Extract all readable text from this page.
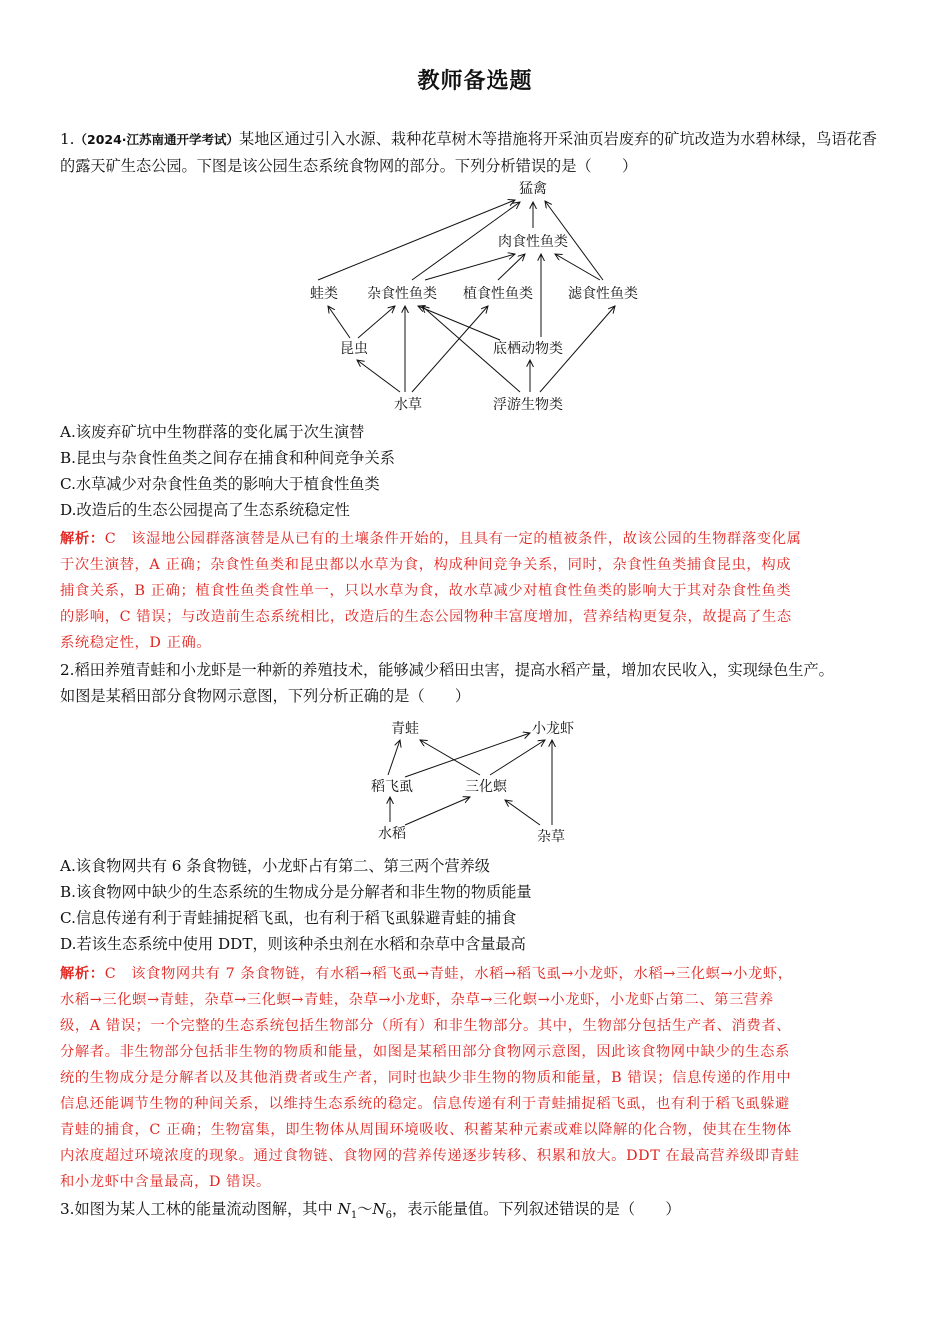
教师备选题

1.（2024·江苏南通开学考试）某地区通过引入水源、栽种花草树木等措施将开采油页岩废弃的矿坑改造为水碧林绿，鸟语花香的露天矿生态公园。下图是该公园生态系统食物网的部分。下列分析错误的是（　　）

猛禽
肉食性鱼类
蛙类 杂食性鱼类 植食性鱼类	滤食性鱼类
昆虫	底栖动物类
水草	浮游生物类
青蛙	小龙虾
稻飞虱	三化螟
水稻	杂草

A.该废弃矿坑中生物群落的变化属于次生演替

B.昆虫与杂食性鱼类之间存在捕食和种间竞争关系

C.水草减少对杂食性鱼类的影响大于植食性鱼类

D.改造后的生态公园提高了生态系统稳定性

解析：C　该湿地公园群落演替是从已有的土壤条件开始的，且具有一定的植被条件，故该公园的生物群落变化属
于次生演替，A 正确；杂食性鱼类和昆虫都以水草为食，构成种间竞争关系，同时，杂食性鱼类捕食昆虫，构成
捕食关系，B 正确；植食性鱼类食性单一，只以水草为食，故水草减少对植食性鱼类的影响大于其对杂食性鱼类
的影响，C 错误；与改造前生态系统相比，改造后的生态公园物种丰富度增加，营养结构更复杂，故提高了生态
系统稳定性，D 正确。

2.稻田养殖青蛙和小龙虾是一种新的养殖技术，能够减少稻田虫害，提高水稻产量，增加农民收入，实现绿色生产。
如图是某稻田部分食物网示意图，下列分析正确的是（　　）

A.该食物网共有 6 条食物链，小龙虾占有第二、第三两个营养级

B.该食物网中缺少的生态系统的生物成分是分解者和非生物的物质能量

C.信息传递有利于青蛙捕捉稻飞虱，也有利于稻飞虱躲避青蛙的捕食

D.若该生态系统中使用 DDT，则该种杀虫剂在水稻和杂草中含量最高

解析：C　该食物网共有 7 条食物链，有水稻→稻飞虱→青蛙，水稻→稻飞虱→小龙虾，水稻→三化螟→小龙虾，
水稻→三化螟→青蛙，杂草→三化螟→青蛙，杂草→小龙虾，杂草→三化螟→小龙虾，小龙虾占第二、第三营养
级，A 错误；一个完整的生态系统包括生物部分（所有）和非生物部分。其中，生物部分包括生产者、消费者、
分解者。非生物部分包括非生物的物质和能量，如图是某稻田部分食物网示意图，因此该食物网中缺少的生态系
统的生物成分是分解者以及其他消费者或生产者，同时也缺少非生物的物质和能量，B 错误；信息传递的作用中
信息还能调节生物的种间关系，以维持生态系统的稳定。信息传递有利于青蛙捕捉稻飞虱，也有利于稻飞虱躲避
青蛙的捕食，C 正确；生物富集，即生物体从周围环境吸收、积蓄某种元素或难以降解的化合物，使其在生物体
内浓度超过环境浓度的现象。通过食物链、食物网的营养传递逐步转移、积累和放大。DDT 在最高营养级即青蛙
和小龙虾中含量最高，D 错误。

3.如图为某人工林的能量流动图解，其中 $N_1\sim N_6$，表示能量值。下列叙述错误的是（　　）
